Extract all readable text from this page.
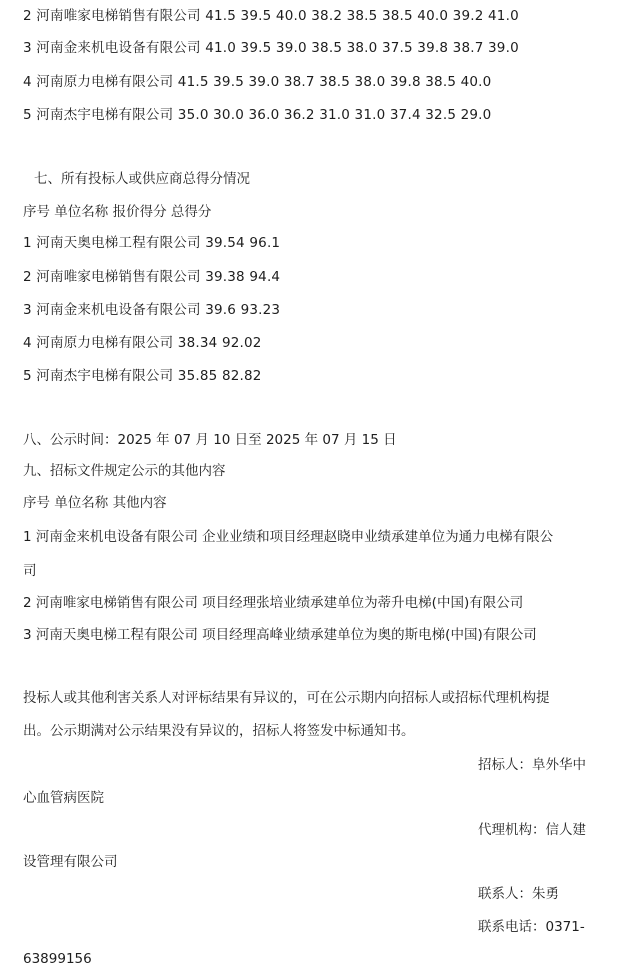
2 河南唯家电梯销售有限公司 41.5 39.5 40.0 38.2 38.5 38.5 40.0 39.2 41.0
3 河南金来机电设备有限公司 41.0 39.5 39.0 38.5 38.0 37.5 39.8 38.7 39.0
4 河南原力电梯有限公司 41.5 39.5 39.0 38.7 38.5 38.0 39.8 38.5 40.0
5 河南杰宇电梯有限公司 35.0 30.0 36.0 36.2 31.0 31.0 37.4 32.5 29.0
七、所有投标人或供应商总得分情况
序号 单位名称 报价得分 总得分
1 河南天奥电梯工程有限公司 39.54 96.1
2 河南唯家电梯销售有限公司 39.38 94.4
3 河南金来机电设备有限公司 39.6 93.23
4 河南原力电梯有限公司 38.34 92.02
5 河南杰宇电梯有限公司 35.85 82.82
八、公示时间：2025 年 07 月 10 日至 2025 年 07 月 15 日
九、招标文件规定公示的其他内容
序号 单位名称 其他内容
1 河南金来机电设备有限公司 企业业绩和项目经理赵晓申业绩承建单位为通力电梯有限公
司
2 河南唯家电梯销售有限公司 项目经理张培业绩承建单位为蒂升电梯(中国)有限公司
3 河南天奥电梯工程有限公司 项目经理高峰业绩承建单位为奥的斯电梯(中国)有限公司
投标人或其他利害关系人对评标结果有异议的，可在公示期内向招标人或招标代理机构提
出。公示期满对公示结果没有异议的，招标人将签发中标通知书。
招标人：阜外华中
心血管病医院
代理机构：信人建
设管理有限公司
联系人：朱勇
联系电话：0371-
63899156
